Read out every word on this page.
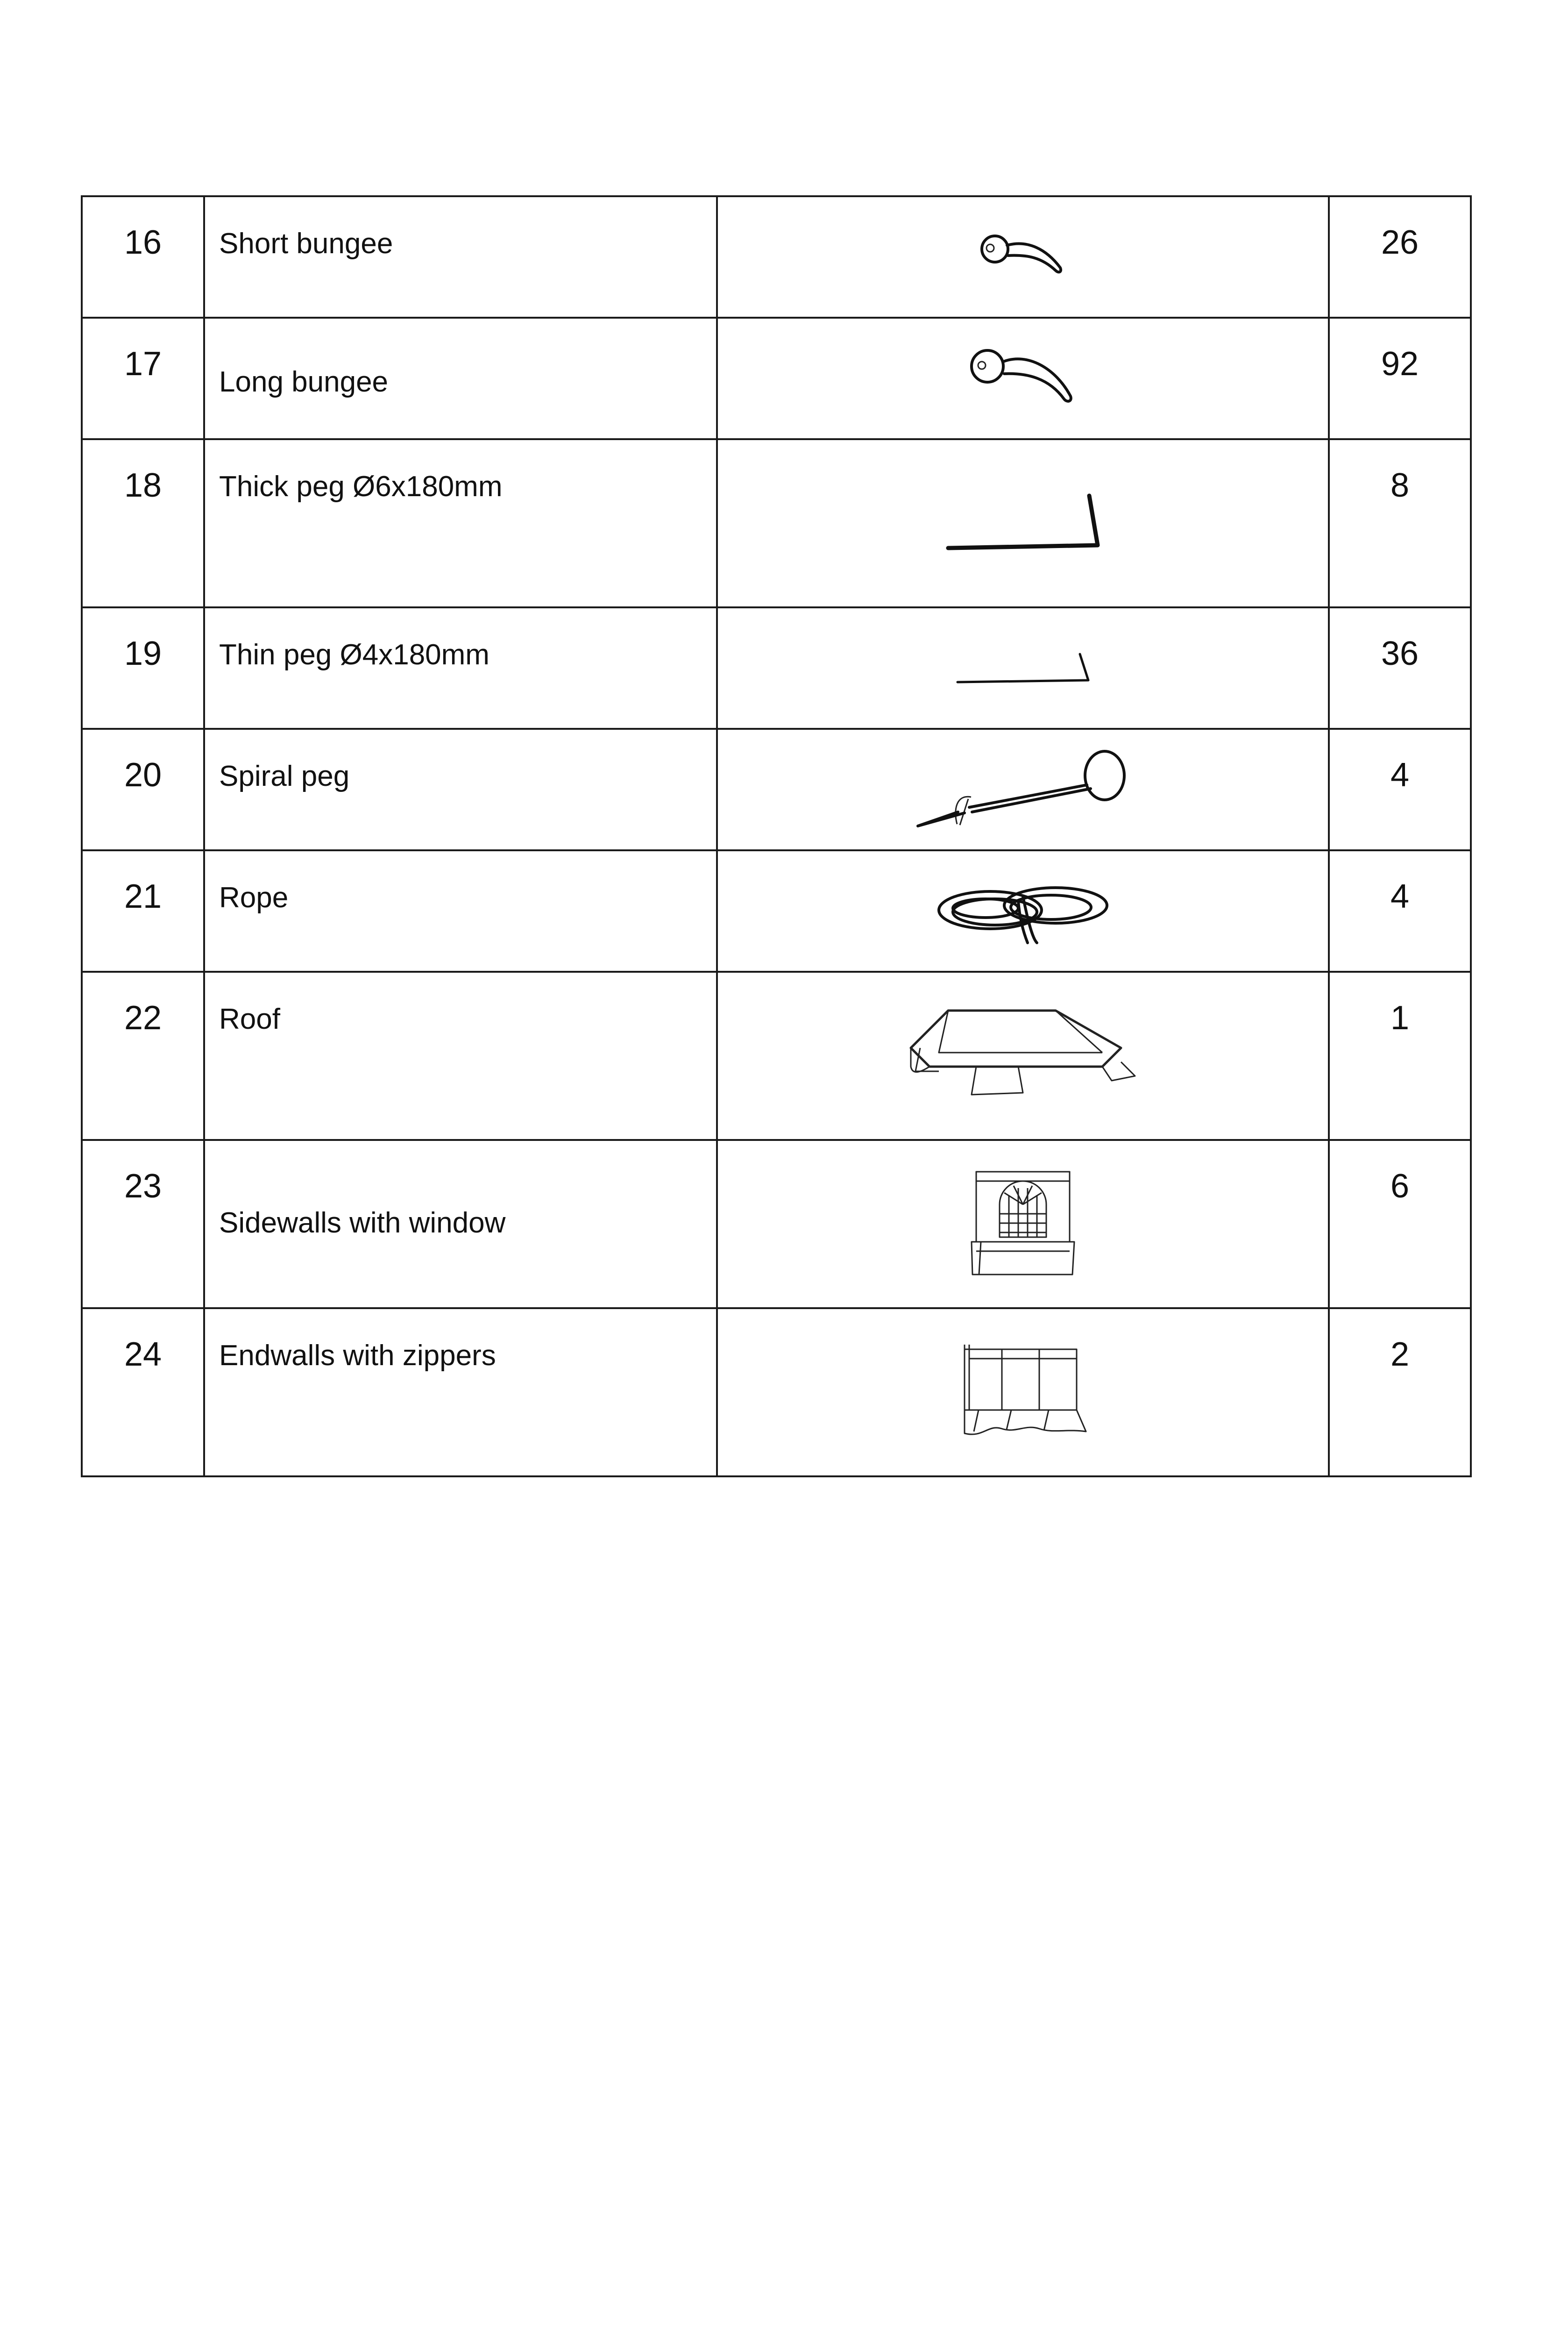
16	Short bungee		26
17	Long bungee		92
18	Thick peg Ø6x180mm		8
19	Thin peg Ø4x180mm		36
20	Spiral peg		4
21	Rope		4
22	Roof		1
23	Sidewalls with window		6
24	Endwalls with zippers		2
